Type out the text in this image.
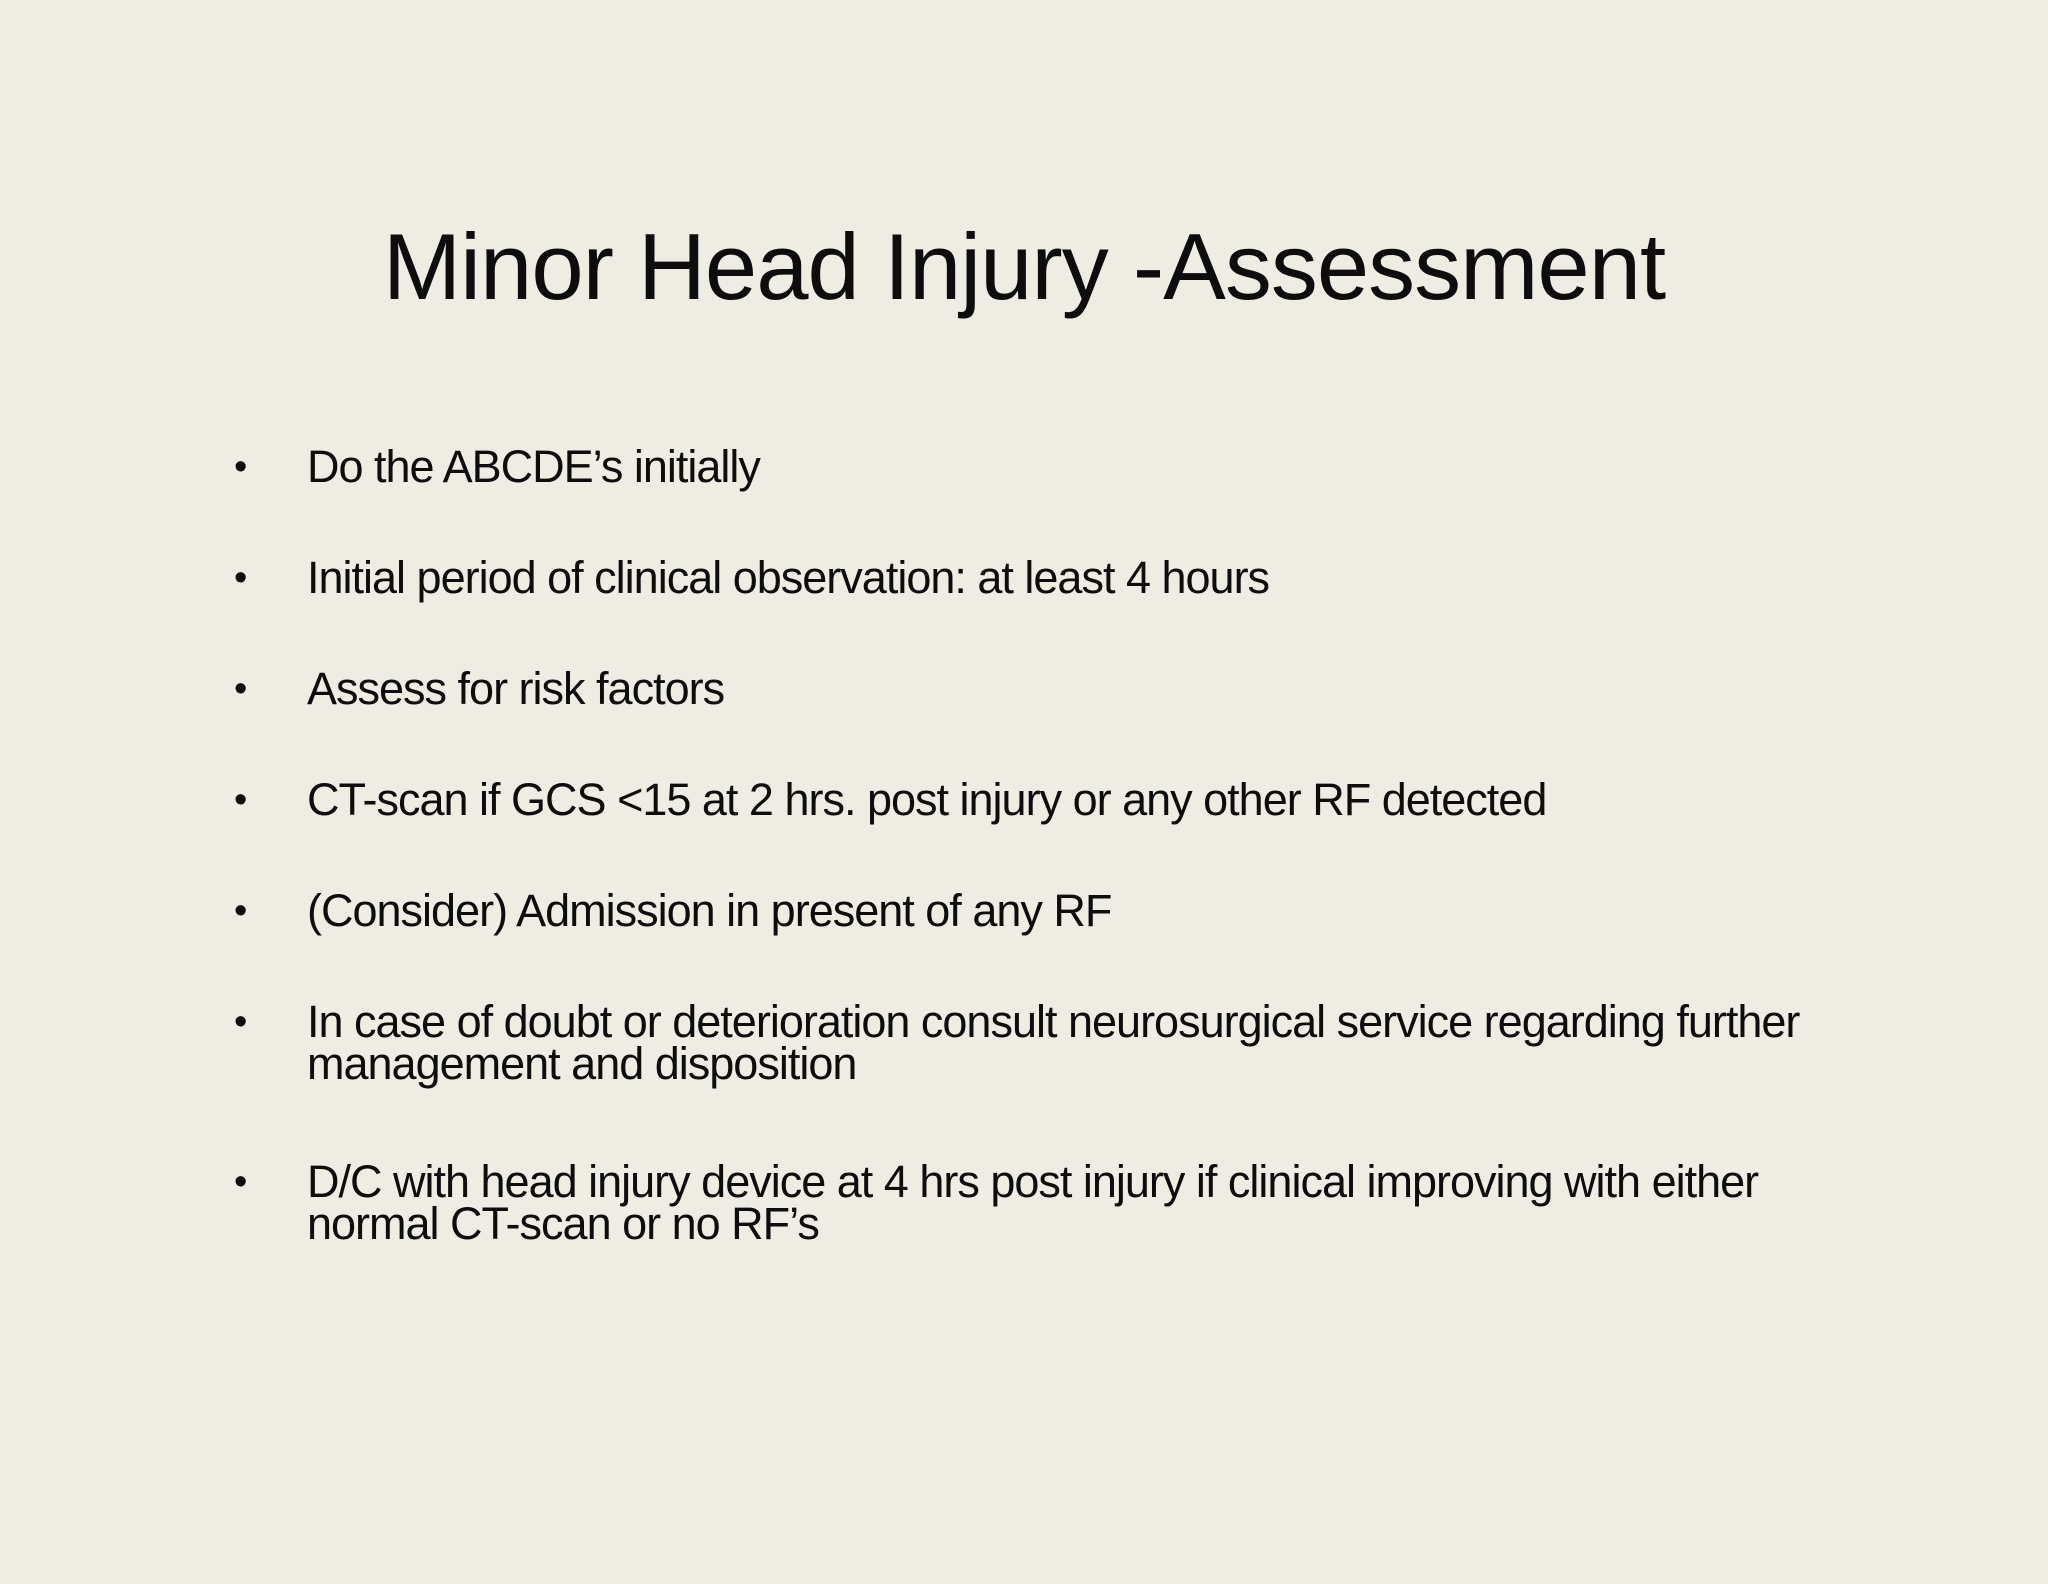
Minor Head Injury -Assessment
•	Do the ABCDE’s initially
•	Initial period of clinical observation: at least 4 hours
•	Assess for risk factors
•	CT-scan if GCS <15 at 2 hrs. post injury or any other RF detected
•	(Consider) Admission in present of any RF
•	In case of doubt or deterioration consult neurosurgical service regarding further management and disposition
•	D/C with head injury device at 4 hrs post injury if clinical improving with either normal CT-scan or no RF’s
